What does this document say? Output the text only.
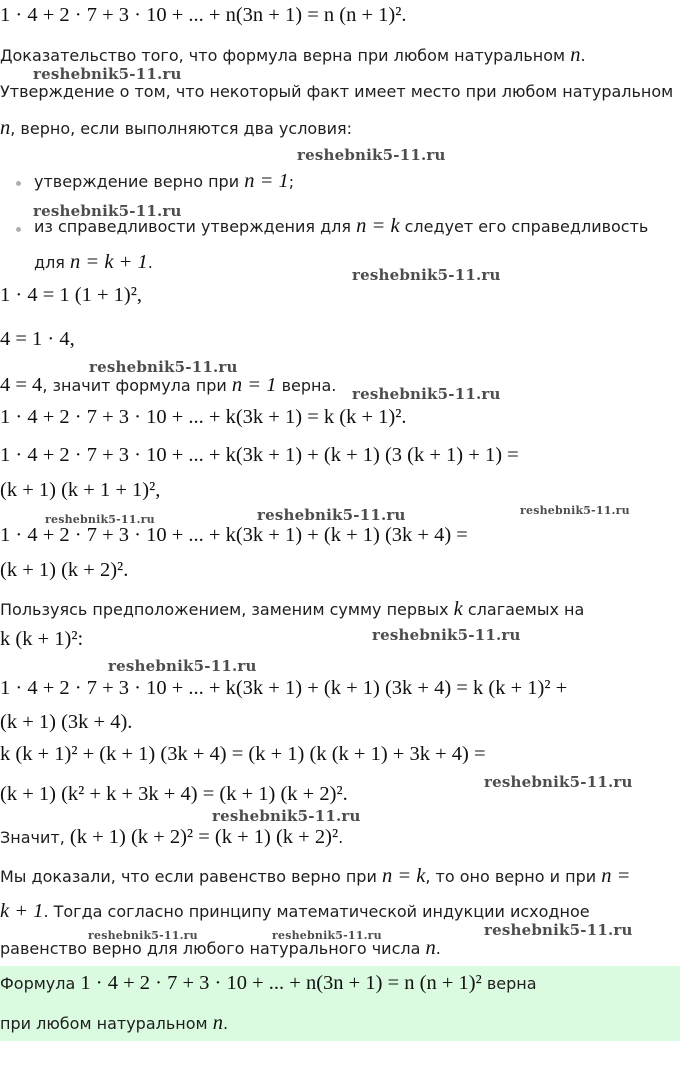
1 · 4 + 2 · 7 + 3 · 10 + ... + n(3n + 1) = n (n + 1)².
Доказательство того, что формула верна при любом натуральном n.
Утверждение о том, что некоторый факт имеет место при любом натуральном
n, верно, если выполняются два условия:
утверждение верно при n = 1;
из справедливости утверждения для n = k следует его справедливость
для n = k + 1.
1 · 4 = 1 (1 + 1)²,
4 = 1 · 4,
4 = 4, значит формула при n = 1 верна.
1 · 4 + 2 · 7 + 3 · 10 + ... + k(3k + 1) = k (k + 1)².
1 · 4 + 2 · 7 + 3 · 10 + ... + k(3k + 1) + (k + 1) (3 (k + 1) + 1) =
(k + 1) (k + 1 + 1)²,
1 · 4 + 2 · 7 + 3 · 10 + ... + k(3k + 1) + (k + 1) (3k + 4) =
(k + 1) (k + 2)².
Пользуясь предположением, заменим сумму первых k слагаемых на
k (k + 1)²:
1 · 4 + 2 · 7 + 3 · 10 + ... + k(3k + 1) + (k + 1) (3k + 4) = k (k + 1)² +
(k + 1) (3k + 4).
k (k + 1)² + (k + 1) (3k + 4) = (k + 1) (k (k + 1) + 3k + 4) =
(k + 1) (k² + k + 3k + 4) = (k + 1) (k + 2)².
Значит, (k + 1) (k + 2)² = (k + 1) (k + 2)².
Мы доказали, что если равенство верно при n = k, то оно верно и при n =
k + 1. Тогда согласно принципу математической индукции исходное
равенство верно для любого натурального числа n.
Формула 1 · 4 + 2 · 7 + 3 · 10 + ... + n(3n + 1) = n (n + 1)² верна
при любом натуральном n.
reshebnik5-11.ru
reshebnik5-11.ru
reshebnik5-11.ru
reshebnik5-11.ru
reshebnik5-11.ru
reshebnik5-11.ru
reshebnik5-11.ru	reshebnik5-11.ru	reshebnik5-11.ru
reshebnik5-11.ru
reshebnik5-11.ru
reshebnik5-11.ru
reshebnik5-11.ru
reshebnik5-11.ru	reshebnik5-11.ru	reshebnik5-11.ru
